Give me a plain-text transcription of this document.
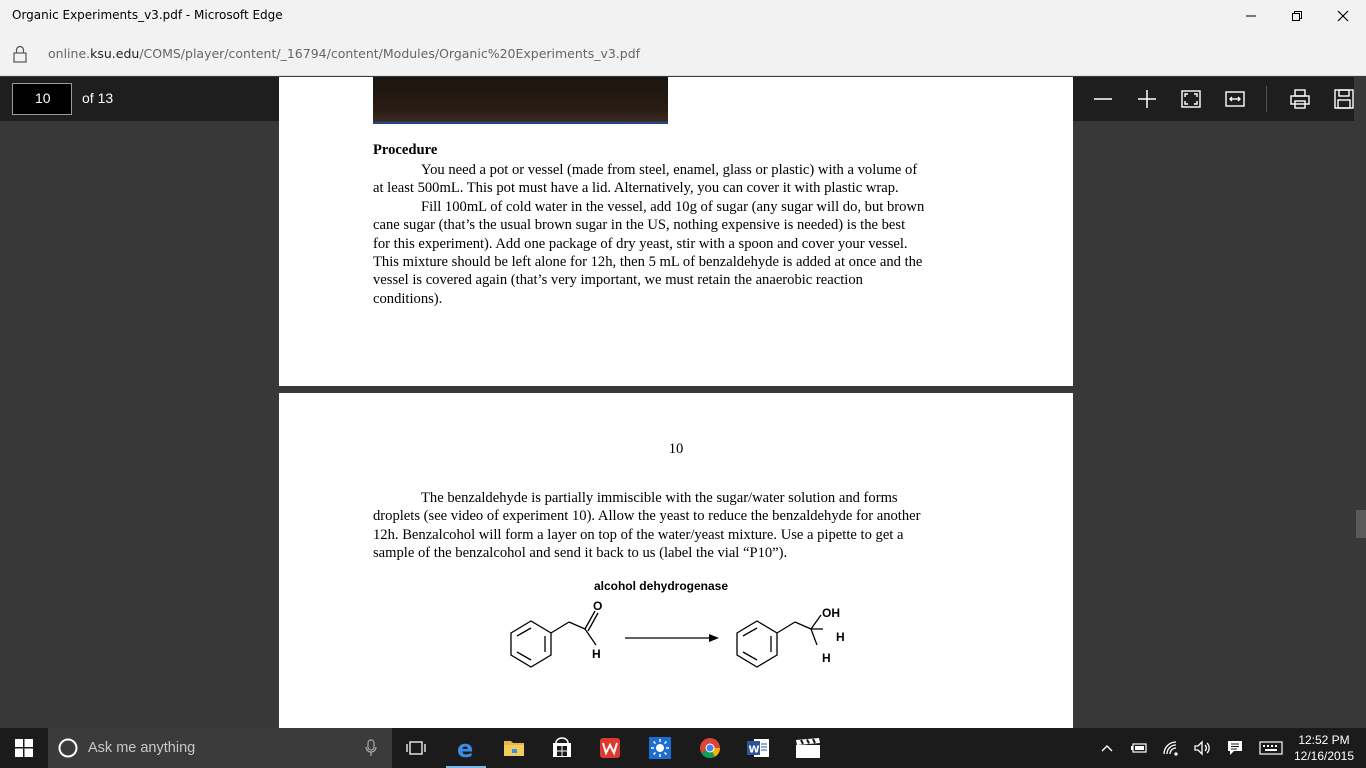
Organic Experiments_v3.pdf - Microsoft Edge
online.ksu.edu/COMS/player/content/_16794/content/Modules/Organic%20Experiments_v3.pdf
Procedure
You need a pot or vessel (made from steel, enamel, glass or plastic) with a volume of
at least 500mL. This pot must have a lid. Alternatively, you can cover it with plastic wrap.
Fill 100mL of cold water in the vessel, add 10g of sugar (any sugar will do, but brown
cane sugar (that’s the usual brown sugar in the US, nothing expensive is needed) is the best
for this experiment). Add one package of dry yeast, stir with a spoon and cover your vessel.
This mixture should be left alone for 12h, then 5 mL of benzaldehyde is added at once and the
vessel is covered again (that’s very important, we must retain the anaerobic reaction
conditions).
10
The benzaldehyde is partially immiscible with the sugar/water solution and forms
droplets (see video of experiment 10). Allow the yeast to reduce the benzaldehyde for another
12h. Benzalcohol will form a layer on top of the water/yeast mixture. Use a pipette to get a
sample of the benzalcohol and send it back to us (label the vial “P10”).
alcohol dehydrogenase
O
H
OH
H
H
10	of 13
Ask me anything	e	W
12:52 PM
12/16/2015
